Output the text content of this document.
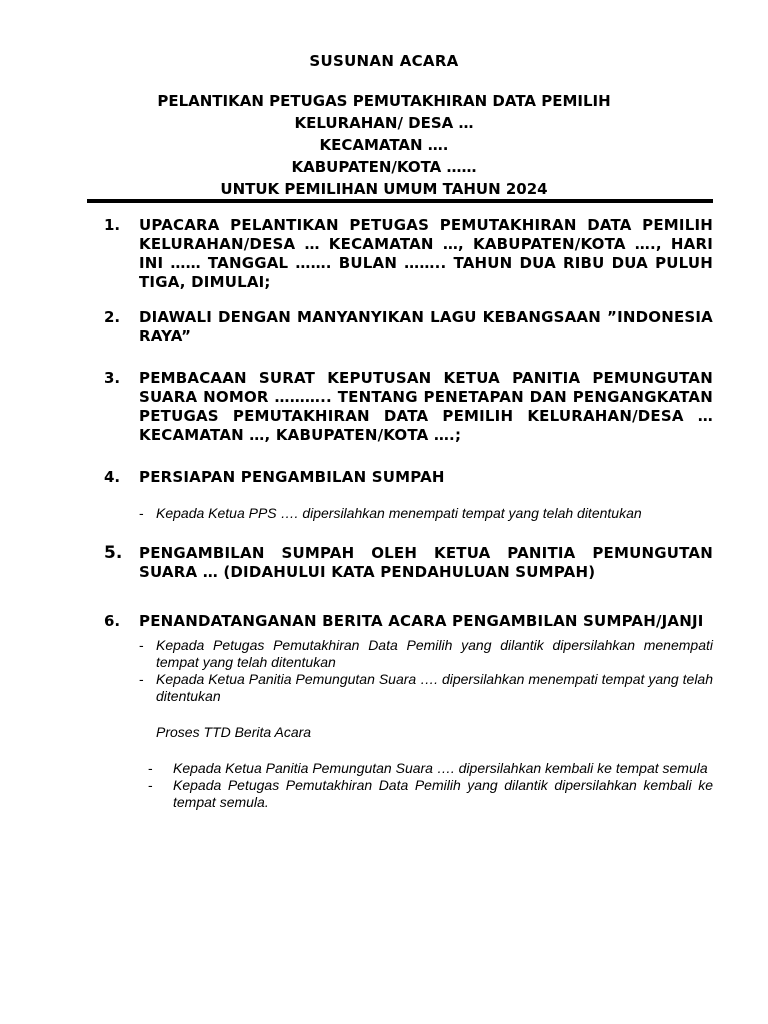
SUSUNAN ACARA
PELANTIKAN PETUGAS PEMUTAKHIRAN DATA PEMILIH
KELURAHAN/ DESA …
KECAMATAN ….
KABUPATEN/KOTA ……
UNTUK PEMILIHAN UMUM TAHUN 2024
1. UPACARA PELANTIKAN PETUGAS PEMUTAKHIRAN DATA PEMILIH KELURAHAN/DESA … KECAMATAN …, KABUPATEN/KOTA …., HARI INI …… TANGGAL ……. BULAN …….. TAHUN DUA RIBU DUA PULUH TIGA, DIMULAI;
2. DIAWALI DENGAN MANYANYIKAN LAGU KEBANGSAAN ”INDONESIA RAYA”
3. PEMBACAAN SURAT KEPUTUSAN KETUA PANITIA PEMUNGUTAN SUARA NOMOR ……….. TENTANG PENETAPAN DAN PENGANGKATAN PETUGAS PEMUTAKHIRAN DATA PEMILIH KELURAHAN/DESA … KECAMATAN …, KABUPATEN/KOTA ….;
4. PERSIAPAN PENGAMBILAN SUMPAH
- Kepada Ketua PPS …. dipersilahkan menempati tempat yang telah ditentukan
5. PENGAMBILAN SUMPAH OLEH KETUA PANITIA PEMUNGUTAN SUARA … (DIDAHULUI KATA PENDAHULUAN SUMPAH)
6. PENANDATANGANAN BERITA ACARA PENGAMBILAN SUMPAH/JANJI
- Kepada Petugas Pemutakhiran Data Pemilih yang dilantik dipersilahkan menempati tempat yang telah ditentukan
- Kepada Ketua Panitia Pemungutan Suara …. dipersilahkan menempati tempat yang telah ditentukan
Proses TTD Berita Acara
- Kepada Ketua Panitia Pemungutan Suara …. dipersilahkan kembali ke tempat semula
- Kepada Petugas Pemutakhiran Data Pemilih yang dilantik dipersilahkan kembali ke tempat semula.
